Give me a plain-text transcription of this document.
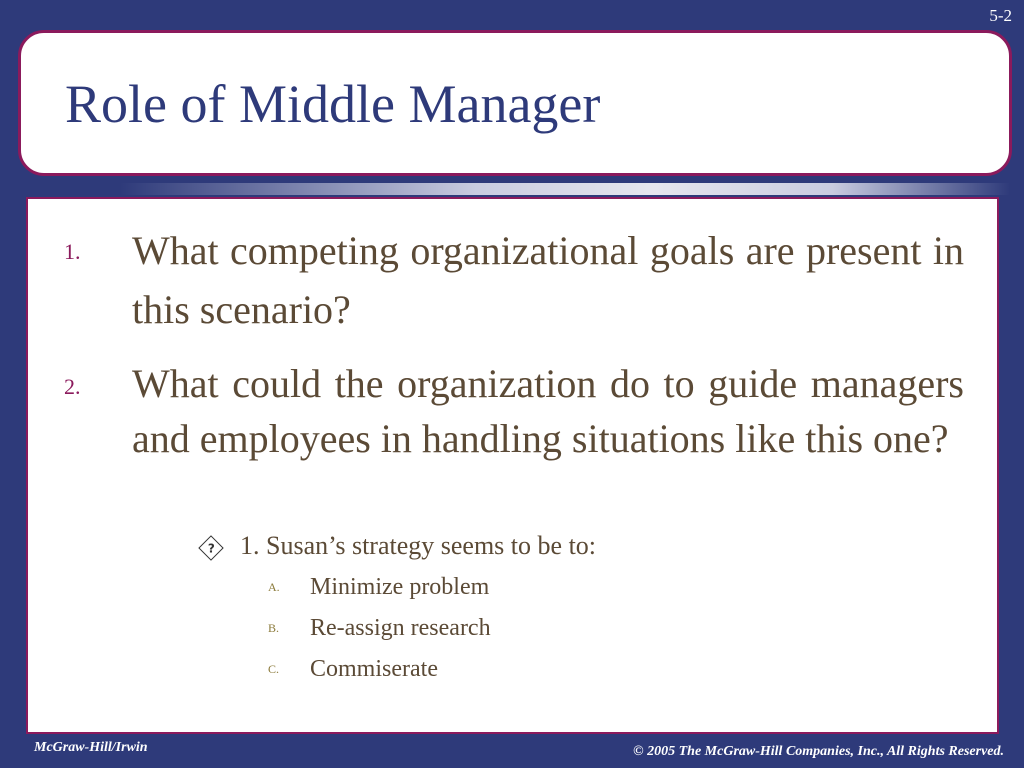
5-2
Role of Middle Manager
1. What competing organizational goals are present in this scenario?
2. What could the organization do to guide managers and employees in handling situations like this one?
? 1. Susan’s strategy seems to be to:
A. Minimize problem
B. Re-assign research
C. Commiserate
McGraw-Hill/Irwin	© 2005 The McGraw-Hill Companies, Inc., All Rights Reserved.
